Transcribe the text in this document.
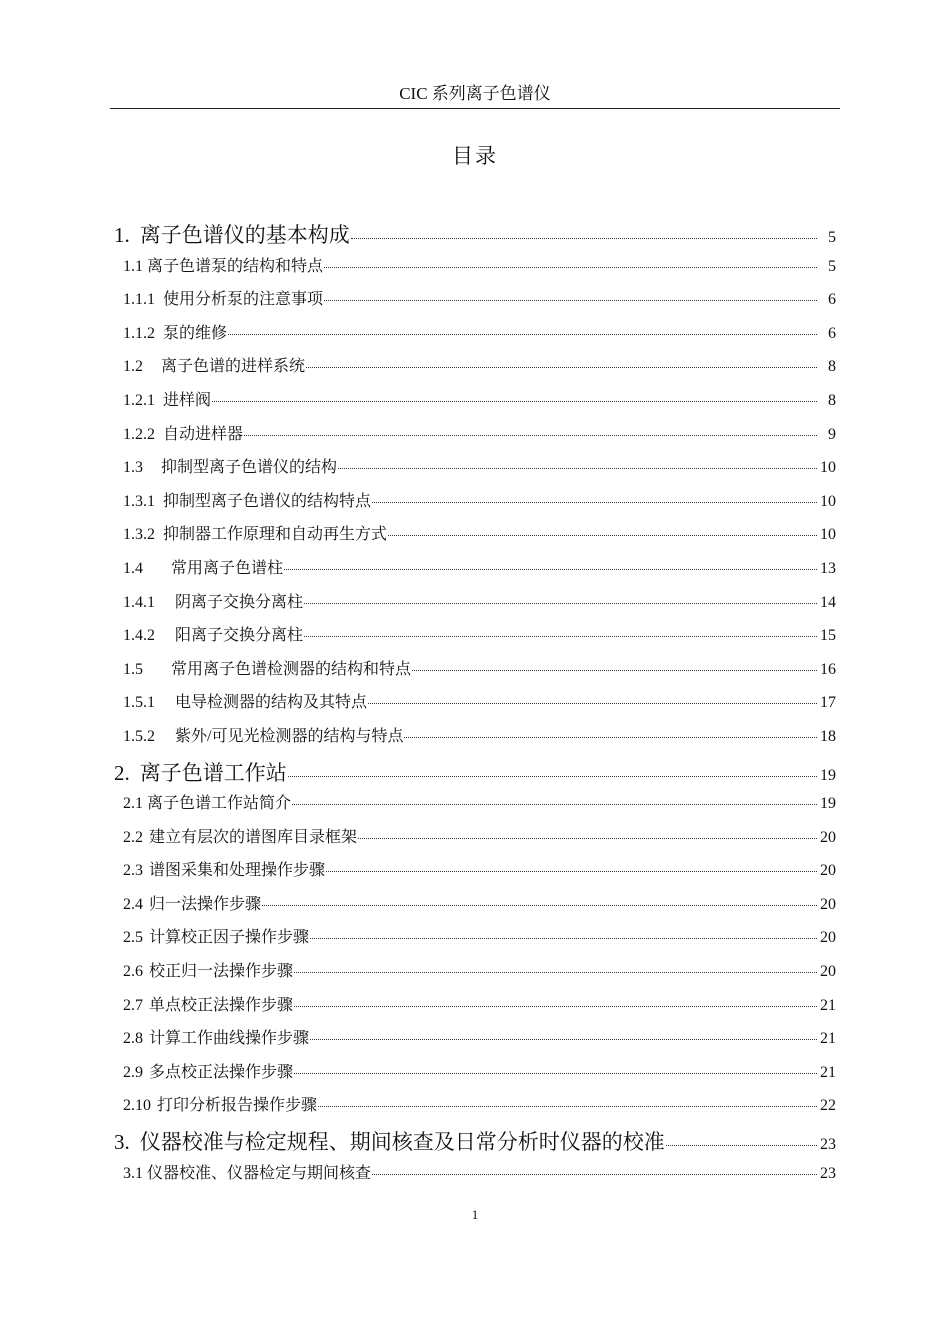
CIC 系列离子色谱仪
目录
1. 离子色谱仪的基本构成	5
1.1 离子色谱泵的结构和特点	5
1.1.1 使用分析泵的注意事项	6
1.1.2 泵的维修	6
1.2 离子色谱的进样系统	8
1.2.1 进样阀	8
1.2.2 自动进样器	9
1.3 抑制型离子色谱仪的结构	10
1.3.1 抑制型离子色谱仪的结构特点	10
1.3.2 抑制器工作原理和自动再生方式	10
1.4 常用离子色谱柱	13
1.4.1 阴离子交换分离柱	14
1.4.2 阳离子交换分离柱	15
1.5 常用离子色谱检测器的结构和特点	16
1.5.1 电导检测器的结构及其特点	17
1.5.2 紫外/可见光检测器的结构与特点	18
2. 离子色谱工作站	19
2.1 离子色谱工作站简介	19
2.2 建立有层次的谱图库目录框架	20
2.3 谱图采集和处理操作步骤	20
2.4 归一法操作步骤	20
2.5 计算校正因子操作步骤	20
2.6 校正归一法操作步骤	20
2.7 单点校正法操作步骤	21
2.8 计算工作曲线操作步骤	21
2.9 多点校正法操作步骤	21
2.10 打印分析报告操作步骤	22
3. 仪器校准与检定规程、期间核查及日常分析时仪器的校准	23
3.1 仪器校准、仪器检定与期间核查	23
1
